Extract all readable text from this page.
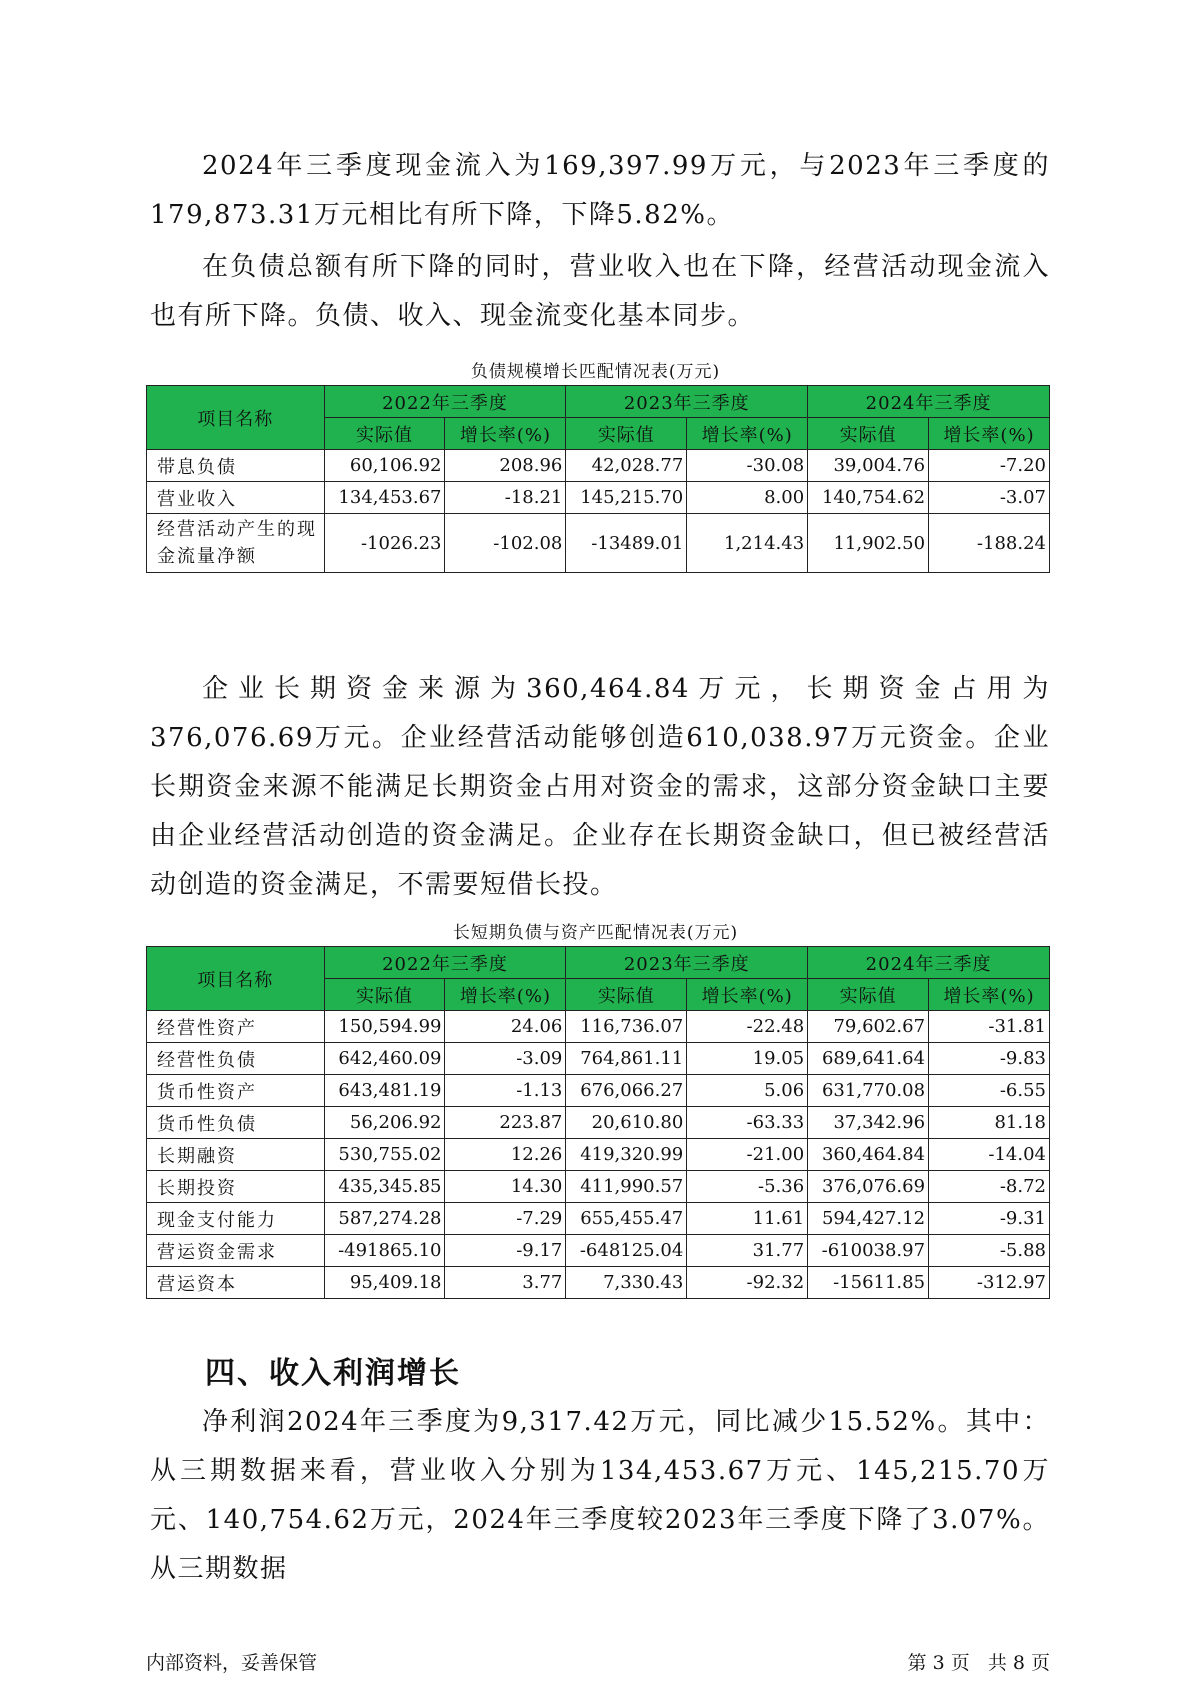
2024年三季度现金流入为169,397.99万元，与2023年三季度的179,873.31万元相比有所下降，下降5.82%。

在负债总额有所下降的同时，营业收入也在下降，经营活动现金流入也有所下降。负债、收入、现金流变化基本同步。

负债规模增长匹配情况表(万元)
项目名称	2022年三季度		2023年三季度		2024年三季度	
	实际值	增长率(%)	实际值	增长率(%)	实际值	增长率(%)
带息负债	60,106.92	208.96	42,028.77	-30.08	39,004.76	-7.20
营业收入	134,453.67	-18.21	145,215.70	8.00	140,754.62	-3.07
经营活动产生的现金流量净额	-1026.23	-102.08	-13489.01	1,214.43	11,902.50	-188.24

企业长期资金来源为360,464.84万元，长期资金占用为376,076.69万元。企业经营活动能够创造610,038.97万元资金。企业长期资金来源不能满足长期资金占用对资金的需求，这部分资金缺口主要由企业经营活动创造的资金满足。企业存在长期资金缺口，但已被经营活动创造的资金满足，不需要短借长投。

长短期负债与资产匹配情况表(万元)
项目名称	2022年三季度		2023年三季度		2024年三季度	
	实际值	增长率(%)	实际值	增长率(%)	实际值	增长率(%)
经营性资产	150,594.99	24.06	116,736.07	-22.48	79,602.67	-31.81
经营性负债	642,460.09	-3.09	764,861.11	19.05	689,641.64	-9.83
货币性资产	643,481.19	-1.13	676,066.27	5.06	631,770.08	-6.55
货币性负债	56,206.92	223.87	20,610.80	-63.33	37,342.96	81.18
长期融资	530,755.02	12.26	419,320.99	-21.00	360,464.84	-14.04
长期投资	435,345.85	14.30	411,990.57	-5.36	376,076.69	-8.72
现金支付能力	587,274.28	-7.29	655,455.47	11.61	594,427.12	-9.31
营运资金需求	-491865.10	-9.17	-648125.04	31.77	-610038.97	-5.88
营运资本	95,409.18	3.77	7,330.43	-92.32	-15611.85	-312.97
四、收入利润增长

净利润2024年三季度为9,317.42万元，同比减少15.52%。其中：从三期数据来看，营业收入分别为134,453.67万元、145,215.70万元、140,754.62万元，2024年三季度较2023年三季度下降了3.07%。从三期数据

内部资料，妥善保管	第 3 页   共 8 页
